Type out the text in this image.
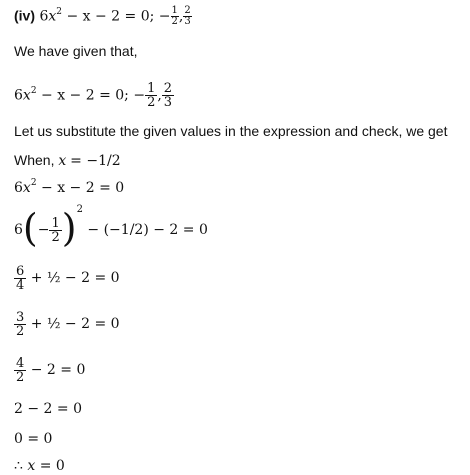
(iv) $6x^2 - x - 2 = 0$; − $\frac{1}{2}$ , $\frac{2}{3}$
We have given that,
$6x^2 - x - 2 = 0$; − $\frac{1}{2}$ , $\frac{2}{3}$
Let us substitute the given values in the expression and check, we get
When, x = −1/2
$6x^2 - x - 2 = 0$
$6(- \frac{1}{2} )^2 - (-1/2) - 2 = 0$
$\frac{6}{4}$ + ½ − 2 = 0
$\frac{3}{2}$ + ½ − 2 = 0
$\frac{4}{2} - 2 = 0$
2 − 2 = 0
0 = 0
∴ x = 0
